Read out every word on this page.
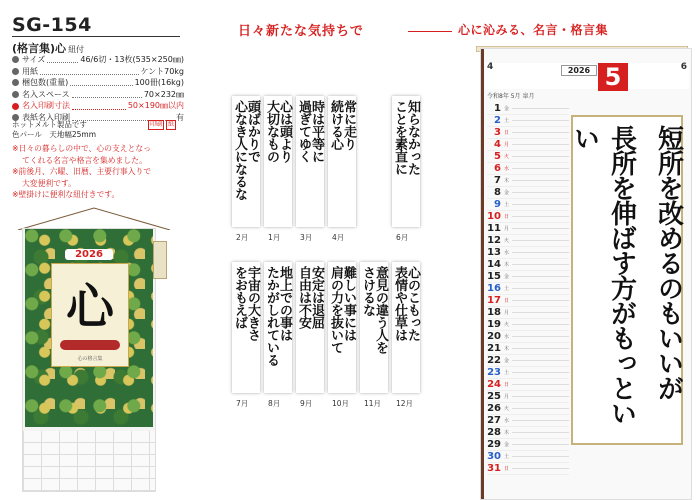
SG-154
(格言集)心 紐付
サイズ	46/6切・13枚(535×250㎜)
用紙	ケント70kg
梱包数(重量)	100冊(16kg)
名入スペース	70×232㎜
名入印刷寸法	50×190㎜以内
表紙名入印刷	有
印刷	紙
ホットメルト製品です
色パール　天地幅25mm

※日々の暮らしの中で、心の支えとなっ

てくれる名言や格言を集めました。

※前後月、六曜、旧暦、主要行事入りで

大変便利です。

※壁掛けに便利な紐付きです。

2026
心
心の格言集
日々新たな気持ちで	心に沁みる、名言・格言集
心は頭より
大切なもの
1月
頭ばかりで
心なき人になるな
2月
時は平等に
過ぎてゆく
3月
常に走り
続ける心
4月
知らなかった
ことを素直に
6月
宇宙の大きさ
をおもえば
7月
地上での事は
たかがしれている
8月
安定は退屈
自由は不安
9月
難しい事には
肩の力を抜いて
10月
意見の違う人を
さけるな
11月
心のこもった
表情や仕草は
12月
4	2026 5	6
令和8年 5月 皐月
1 金
2 土
3 日
4 月
5 火
6 水
7 木
8 金
9 土
10 日
11 月
12 火
13 水
14 木
15 金
16 土
17 日
18 月
19 火
20 水
21 木
22 金
23 土
24 日
25 月
26 火
27 水
28 木
29 金
30 土
31 日
短所を改めるのもいいが
長所を伸ばす方がもっといい
